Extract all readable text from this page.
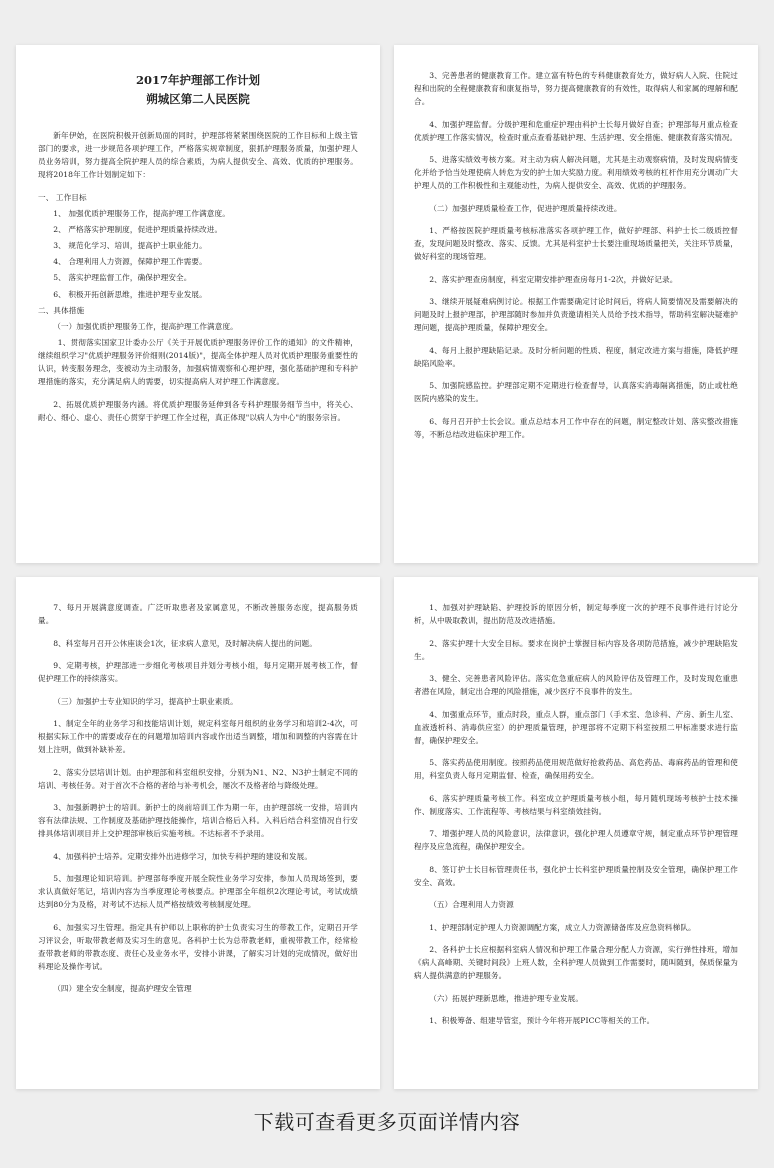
2017年护理部工作计划
朔城区第二人民医院

新年伊始，在医院积极开创新局面的同时，护理部将紧紧围绕医院的工作目标和上级主管部门的要求，进一步规范各项护理工作，严格落实规章制度，狠抓护理服务质量，加强护理人员业务培训，努力提高全院护理人员的综合素质，为病人提供安全、高效、优质的护理服务。现将2018年工作计划制定如下：

一、 工作目标

1、 加强优质护理服务工作，提高护理工作满意度。

2、 严格落实护理制度，促进护理质量持续改进。

3、 规范化学习、培训，提高护士职业能力。

4、 合理利用人力资源，保障护理工作需要。

5、 落实护理监督工作，确保护理安全。

6、 积极开拓创新思维，推进护理专业发展。

二、具体措施

（一）加强优质护理服务工作，提高护理工作满意度。

1、贯彻落实国家卫计委办公厅《关于开展优质护理服务评价工作的通知》的文件精神，继续组织学习"优质护理服务评价细则(2014版)"，提高全体护理人员对优质护理服务重要性的认识，转变服务理念，变被动为主动服务，加强病情观察和心理护理，强化基础护理和专科护理措施的落实，充分满足病人的需要，切实提高病人对护理工作满意度。

2、拓展优质护理服务内涵。将优质护理服务延伸到各专科护理服务细节当中，将关心、耐心、细心、虚心、责任心贯穿于护理工作全过程，真正体现"以病人为中心"的服务宗旨。

3、完善患者的健康教育工作。建立富有特色的专科健康教育处方，做好病人入院、住院过程和出院的全程健康教育和康复指导，努力提高健康教育的有效性，取得病人和家属的理解和配合。

4、加强护理监督。分级护理和危重症护理由科护士长每月做好自查；护理部每月重点检查优质护理工作落实情况，检查时重点查看基础护理、生活护理、安全措施、健康教育落实情况。

5、进落实绩效考核方案。对主动为病人解决问题，尤其是主动观察病情，及时发现病情变化并给予恰当处理使病人转危为安的护士加大奖励力度。利用绩效考核的杠杆作用充分调动广大护理人员的工作积极性和主观能动性，为病人提供安全、高效、优质的护理服务。

（二）加强护理质量检查工作，促进护理质量持续改进。

1、严格按医院护理质量考核标准落实各项护理工作，做好护理部、科护士长二级质控督查，发现问题及时整改、落实、反馈。尤其是科室护士长要注重现场质量把关，关注环节质量，做好科室的现场管理。

2、落实护理查房制度，科室定期安排护理查房每月1-2次，并做好记录。

3、继续开展疑难病例讨论。根据工作需要确定讨论时间后，将病人简要情况及需要解决的问题及时上报护理部，护理部随时参加并负责邀请相关人员给予技术指导，帮助科室解决疑难护理问题，提高护理质量，保障护理安全。

4、每月上报护理缺陷记录。及时分析问题的性质、程度，制定改进方案与措施，降低护理缺陷风险率。

5、加强院感监控。护理部定期不定期进行检查督导，认真落实消毒隔离措施，防止或杜绝医院内感染的发生。

6、每月召开护士长会议。重点总结本月工作中存在的问题，制定整改计划、落实整改措施等，不断总结改进临床护理工作。

7、每月开展满意度调查。广泛听取患者及家属意见，不断改善服务态度，提高服务质量。

8、科室每月召开公休座谈会1次，征求病人意见，及时解决病人提出的问题。

9、定期考核，护理部进一步细化考核项目并划分考核小组，每月定期开展考核工作，督促护理工作的持续落实。

（三）加强护士专业知识的学习，提高护士职业素质。

1、制定全年的业务学习和技能培训计划，规定科室每月组织的业务学习和培训2-4次，可根据实际工作中的需要或存在的问题增加培训内容或作出适当调整，增加和调整的内容需在计划上注明，做到补缺补差。

2、落实分层培训计划。由护理部和科室组织安排，分别为N1、N2、N3护士制定不同的培训、考核任务。对于首次不合格的者给与补考机会，屡次不及格者给与降级处理。

3、加强新聘护士的培训。新护士的岗前培训工作为期一年，由护理部统一安排，培训内容有法律法规、工作制度及基础护理技能操作，培训合格后入科。入科后结合科室情况自行安排具体培训项目并上交护理部审核后实施考核。不达标者不予录用。

4、加强科护士培养。定期安排外出进修学习，加快专科护理的建设和发展。

5、加强理论知识培训。护理部每季度开展全院性业务学习安排，参加人员现场签到，要求认真做好笔记，培训内容为当季度理论考核要点。护理部全年组织2次理论考试，考试成绩达到80分为及格，对考试不达标人员严格按绩效考核制度处理。

6、加强实习生管理。指定具有护师以上职称的护士负责实习生的带教工作，定期召开学习评议会，听取带教老师及实习生的意见。各科护士长为总带教老师，重视带教工作，经常检查带教老师的带教态度、责任心及业务水平，安排小讲课，了解实习计划的完成情况，做好出科理论及操作考试。

（四）建全安全制度，提高护理安全管理

1、加强对护理缺陷、护理投诉的原因分析，制定每季度一次的护理不良事件进行讨论分析，从中吸取教训，提出防范及改进措施。

2、落实护理十大安全目标。要求在岗护士掌握目标内容及各项防范措施，减少护理缺陷发生。

3、健全、完善患者风险评估。落实危急重症病人的风险评估及管理工作，及时发现危重患者潜在风险，制定出合理的风险措施，减少医疗不良事件的发生。

4、加强重点环节，重点时段，重点人群，重点部门（手术室、急诊科、产房、新生儿室、血液透析科、消毒供应室）的护理质量管理，护理部将不定期下科室按照二甲标准要求进行监督，确保护理安全。

5、落实药品使用制度。按照药品使用规范做好抢救药品、高危药品、毒麻药品的管理和使用，科室负责人每月定期监督、检查，确保用药安全。

6、落实护理质量考核工作。科室成立护理质量考核小组，每月随机现场考核护士技术操作、制度落实、工作流程等、考核结果与科室绩效挂钩。

7、增强护理人员的风险意识，法律意识，强化护理人员遵章守规，制定重点环节护理管理程序及应急流程，确保护理安全。

8、签订护士长目标管理责任书，强化护士长科室护理质量控制及安全管理，确保护理工作安全、高效。

（五）合理利用人力资源

1、护理部制定护理人力资源调配方案，成立人力资源储备库及应急资料梯队。

2、各科护士长应根据科室病人情况和护理工作量合理分配人力资源，实行弹性排班，增加《病人高峰期、关键时间段》上班人数，全科护理人员做到工作需要时，随叫随到，保质保量为病人提供满意的护理服务。

（六）拓展护理新思维，推进护理专业发展。

1、积极筹备、组建导管室，预计今年将开展PICC等相关的工作。

下载可查看更多页面详情内容
